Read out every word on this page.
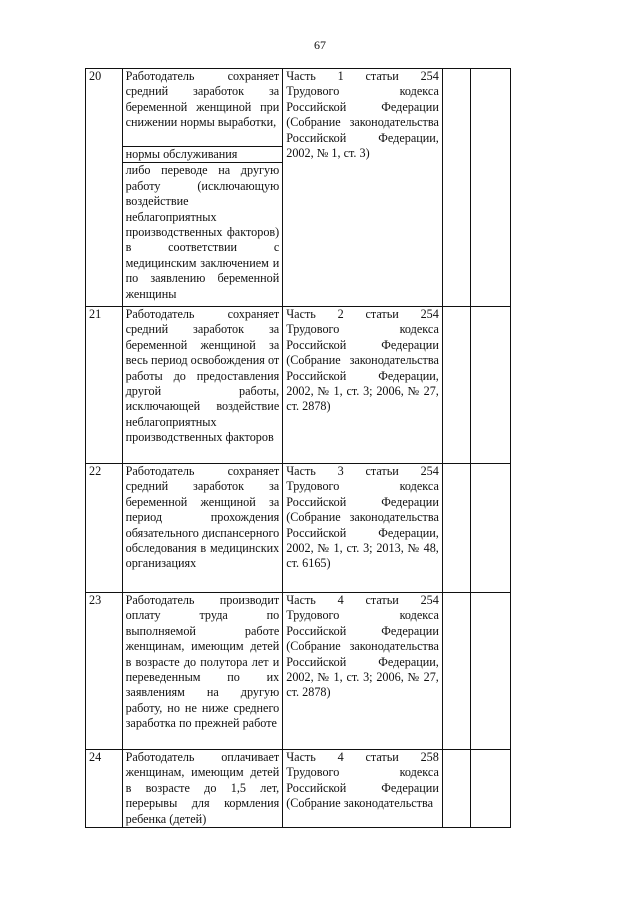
67
20	Работодатель сохраняет средний заработок за беременной женщиной при снижении нормы выработки,
нормы обслуживания
либо переводе на другую работу (исключающую воздействие неблагоприятных производственных факторов) в соответствии с медицинским заключением и по заявлению беременной женщины	Часть 1 статьи 254 Трудового кодекса Российской Федерации (Собрание законодательства Российской Федерации, 2002, № 1, ст. 3)		
21	Работодатель сохраняет средний заработок за беременной женщиной за весь период освобождения от работы до предоставления другой работы, исключающей воздействие неблагоприятных производственных факторов	Часть 2 статьи 254 Трудового кодекса Российской Федерации (Собрание законодательства Российской Федерации, 2002, № 1, ст. 3; 2006, № 27, ст. 2878)		
22	Работодатель сохраняет средний заработок за беременной женщиной за период прохождения обязательного диспансерного обследования в медицинских организациях	Часть 3 статьи 254 Трудового кодекса Российской Федерации (Собрание законодательства Российской Федерации, 2002, № 1, ст. 3; 2013, № 48, ст. 6165)		
23	Работодатель производит оплату труда по выполняемой работе женщинам, имеющим детей в возрасте до полутора лет и переведенным по их заявлениям на другую работу, но не ниже среднего заработка по прежней работе	Часть 4 статьи 254 Трудового кодекса Российской Федерации (Собрание законодательства Российской Федерации, 2002, № 1, ст. 3; 2006, № 27, ст. 2878)		
24	Работодатель оплачивает женщинам, имеющим детей в возрасте до 1,5 лет, перерывы для кормления ребенка (детей)	Часть 4 статьи 258 Трудового кодекса Российской Федерации (Собрание законодательства		
